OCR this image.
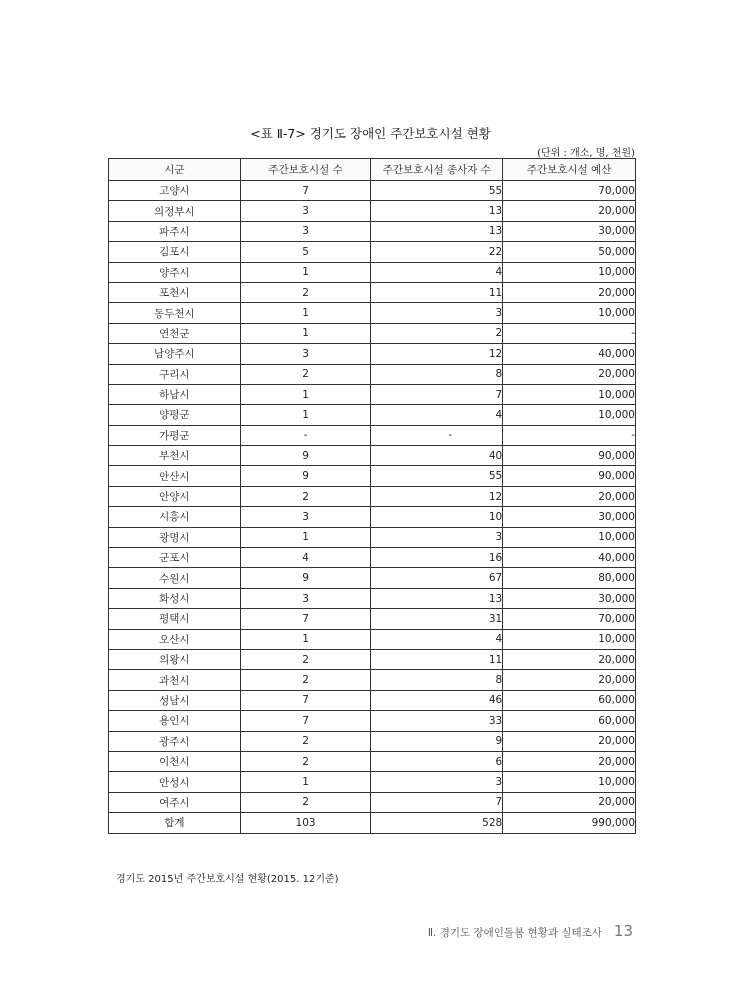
<표 Ⅱ-7> 경기도 장애인 주간보호시설 현황
(단위 : 개소, 명, 천원)
시군	주간보호시설 수	주간보호시설 종사자 수	주간보호시설 예산
고양시	7	55	70,000
의정부시	3	13	20,000
파주시	3	13	30,000
김포시	5	22	50,000
양주시	1	4	10,000
포천시	2	11	20,000
동두천시	1	3	10,000
연천군	1	2	-
남양주시	3	12	40,000
구리시	2	8	20,000
하남시	1	7	10,000
양평군	1	4	10,000
가평군	-	-	-
부천시	9	40	90,000
안산시	9	55	90,000
안양시	2	12	20,000
시흥시	3	10	30,000
광명시	1	3	10,000
군포시	4	16	40,000
수원시	9	67	80,000
화성시	3	13	30,000
평택시	7	31	70,000
오산시	1	4	10,000
의왕시	2	11	20,000
과천시	2	8	20,000
성남시	7	46	60,000
용인시	7	33	60,000
광주시	2	9	20,000
이천시	2	6	20,000
안성시	1	3	10,000
여주시	2	7	20,000
합계	103	528	990,000
경기도 2015년 주간보호시설 현황(2015. 12기준)
Ⅱ. 경기도 장애인돌봄 현황과 실태조사 13
